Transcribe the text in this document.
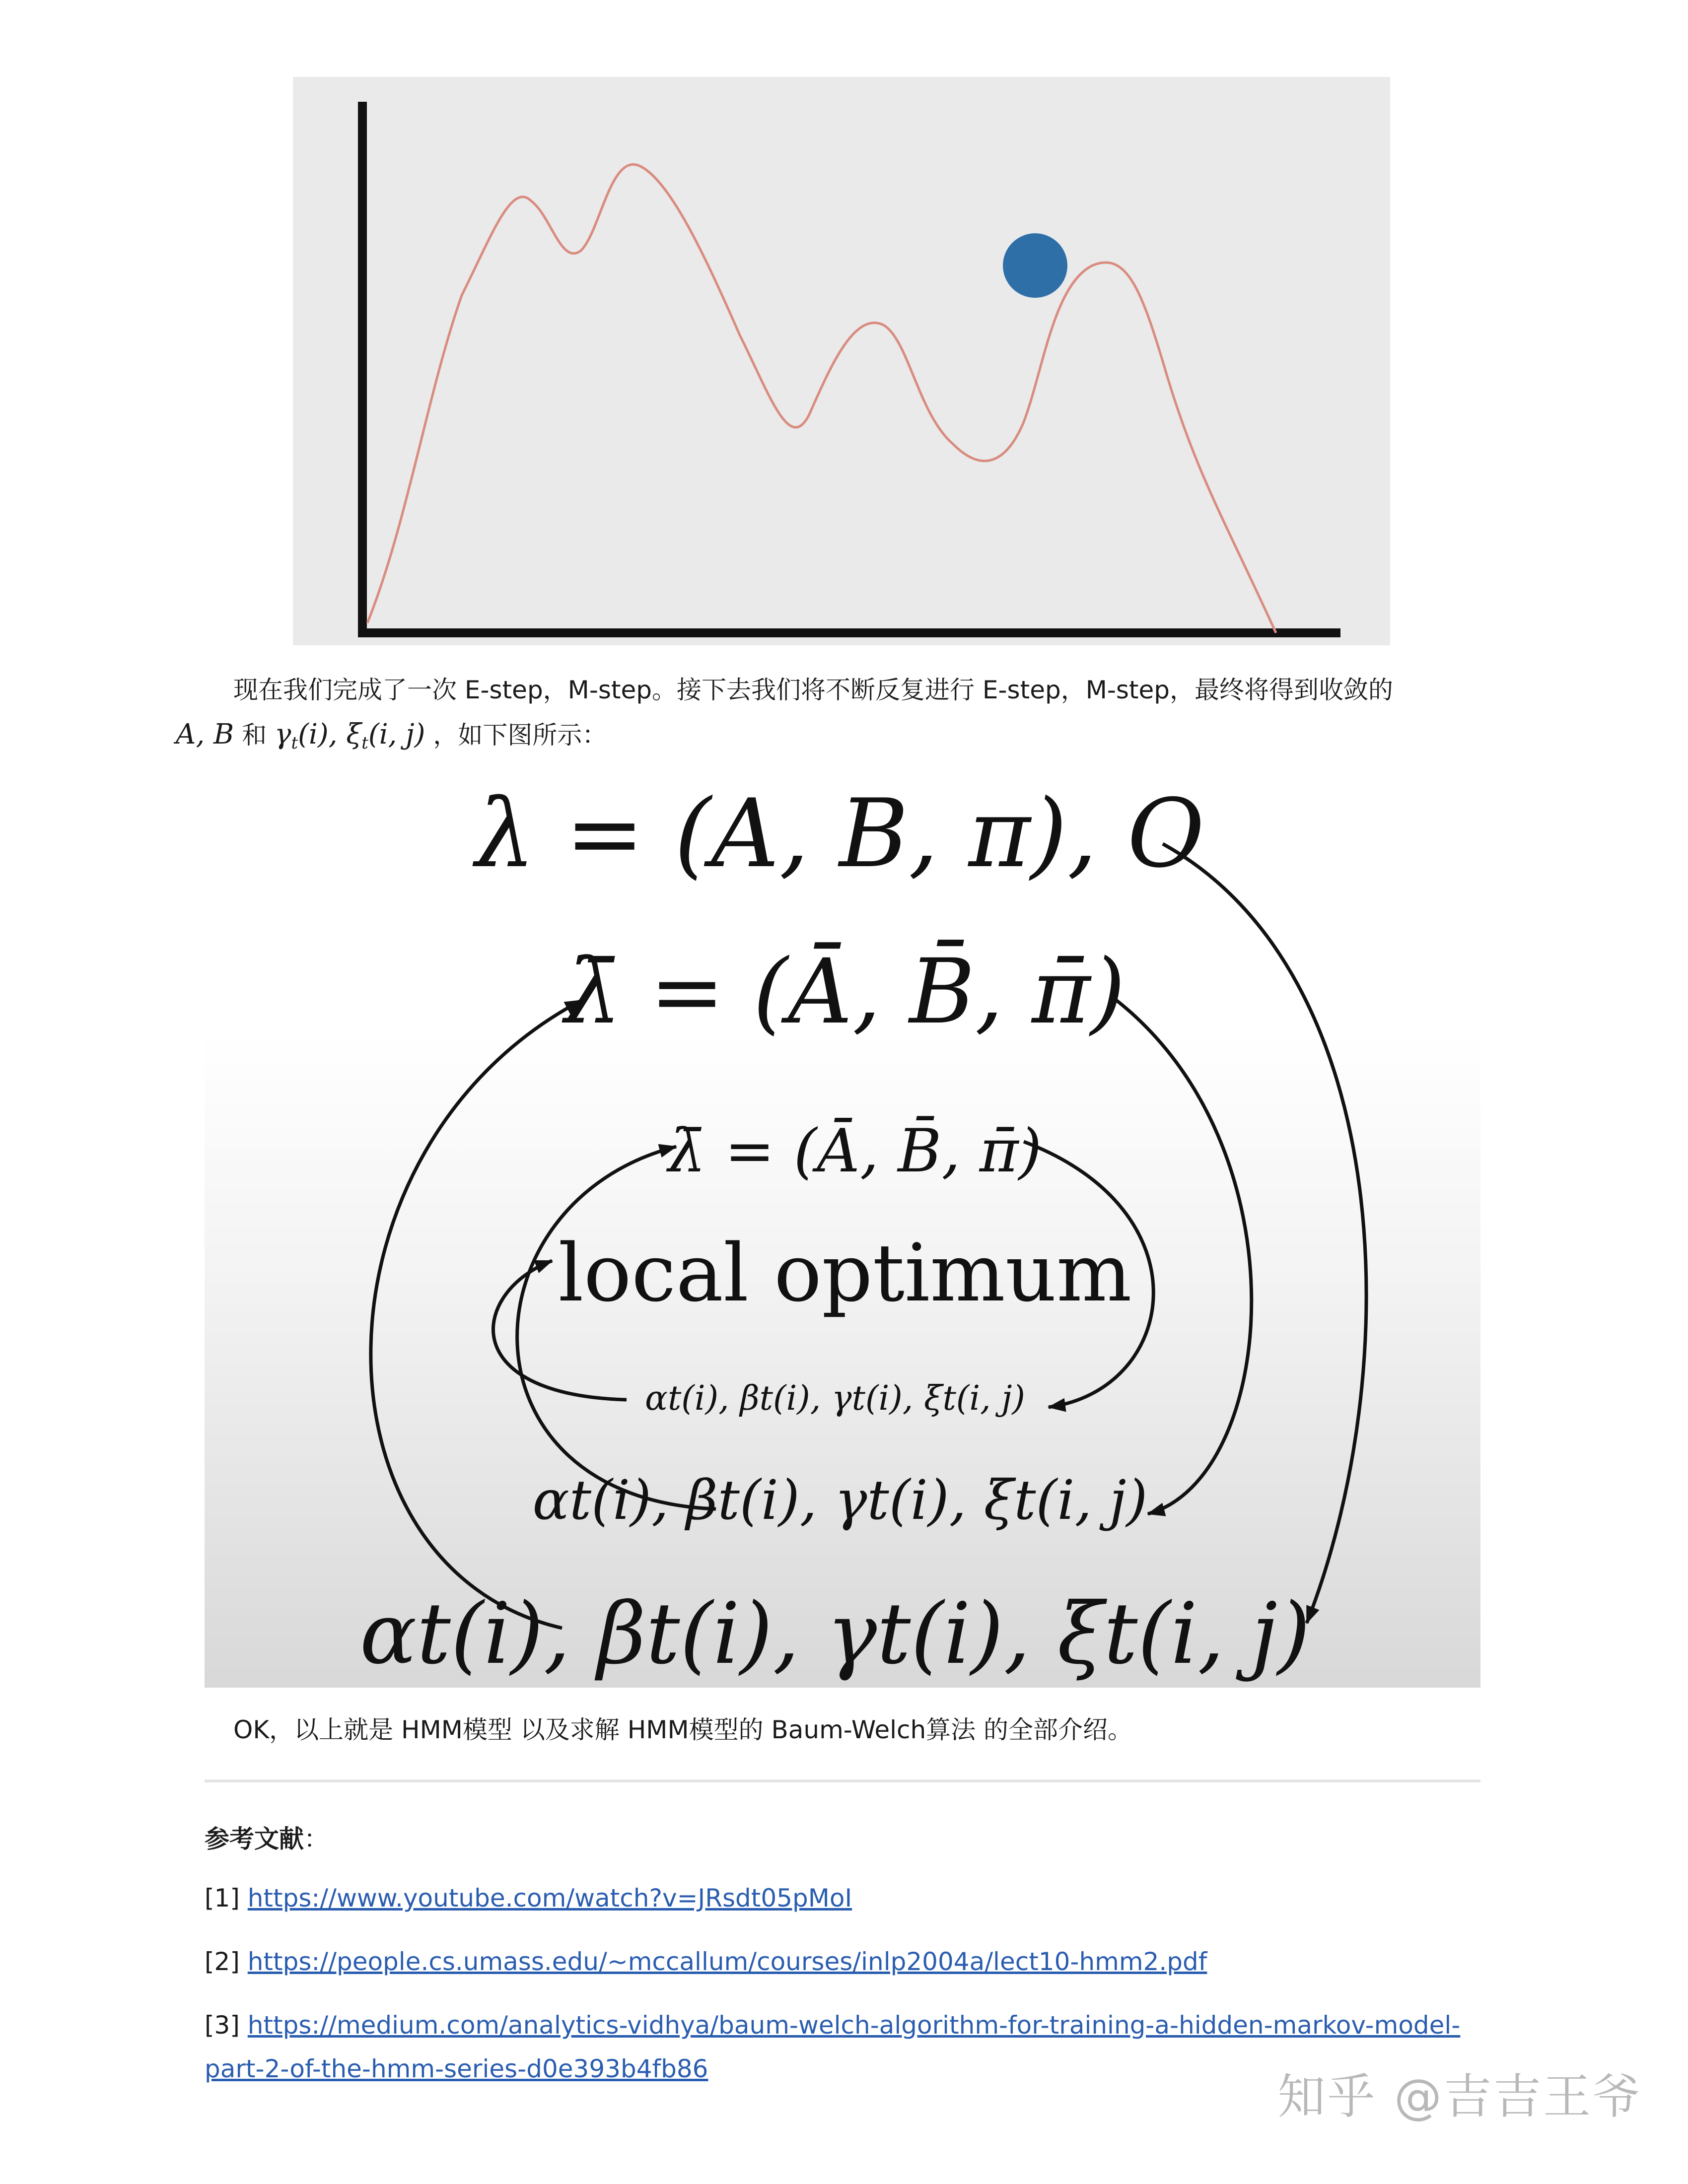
现在我们完成了一次 E-step，M-step。接下去我们将不断反复进行 E-step，M-step，最终将得到收敛的
A, B 和 $\gamma_t(i)$, $\xi_t(i$, j) ，如下图所示：

λ = (A, B, π), O
λ̄ = (Ā, B̄, π̄)
λ̄ = (Ā, B̄, π̄)
local optimum
αt(i), βt(i), γt(i), ξt(i, j)
αt(i), βt(i), γt(i), ξt(i, j)
αt(i), βt(i), γt(i), ξt(i, j)

OK，以上就是 HMM模型 以及求解 HMM模型的 Baum-Welch算法 的全部介绍。

参考文献：
[1] https://www.youtube.com/watch?v=JRsdt05pMoI
[2] https://people.cs.umass.edu/~mccallum/courses/inlp2004a/lect10-hmm2.pdf
[3] https://medium.com/analytics-vidhya/baum-welch-algorithm-for-training-a-hidden-markov-model-
part-2-of-the-hmm-series-d0e393b4fb86	知乎 @吉吉王爷
